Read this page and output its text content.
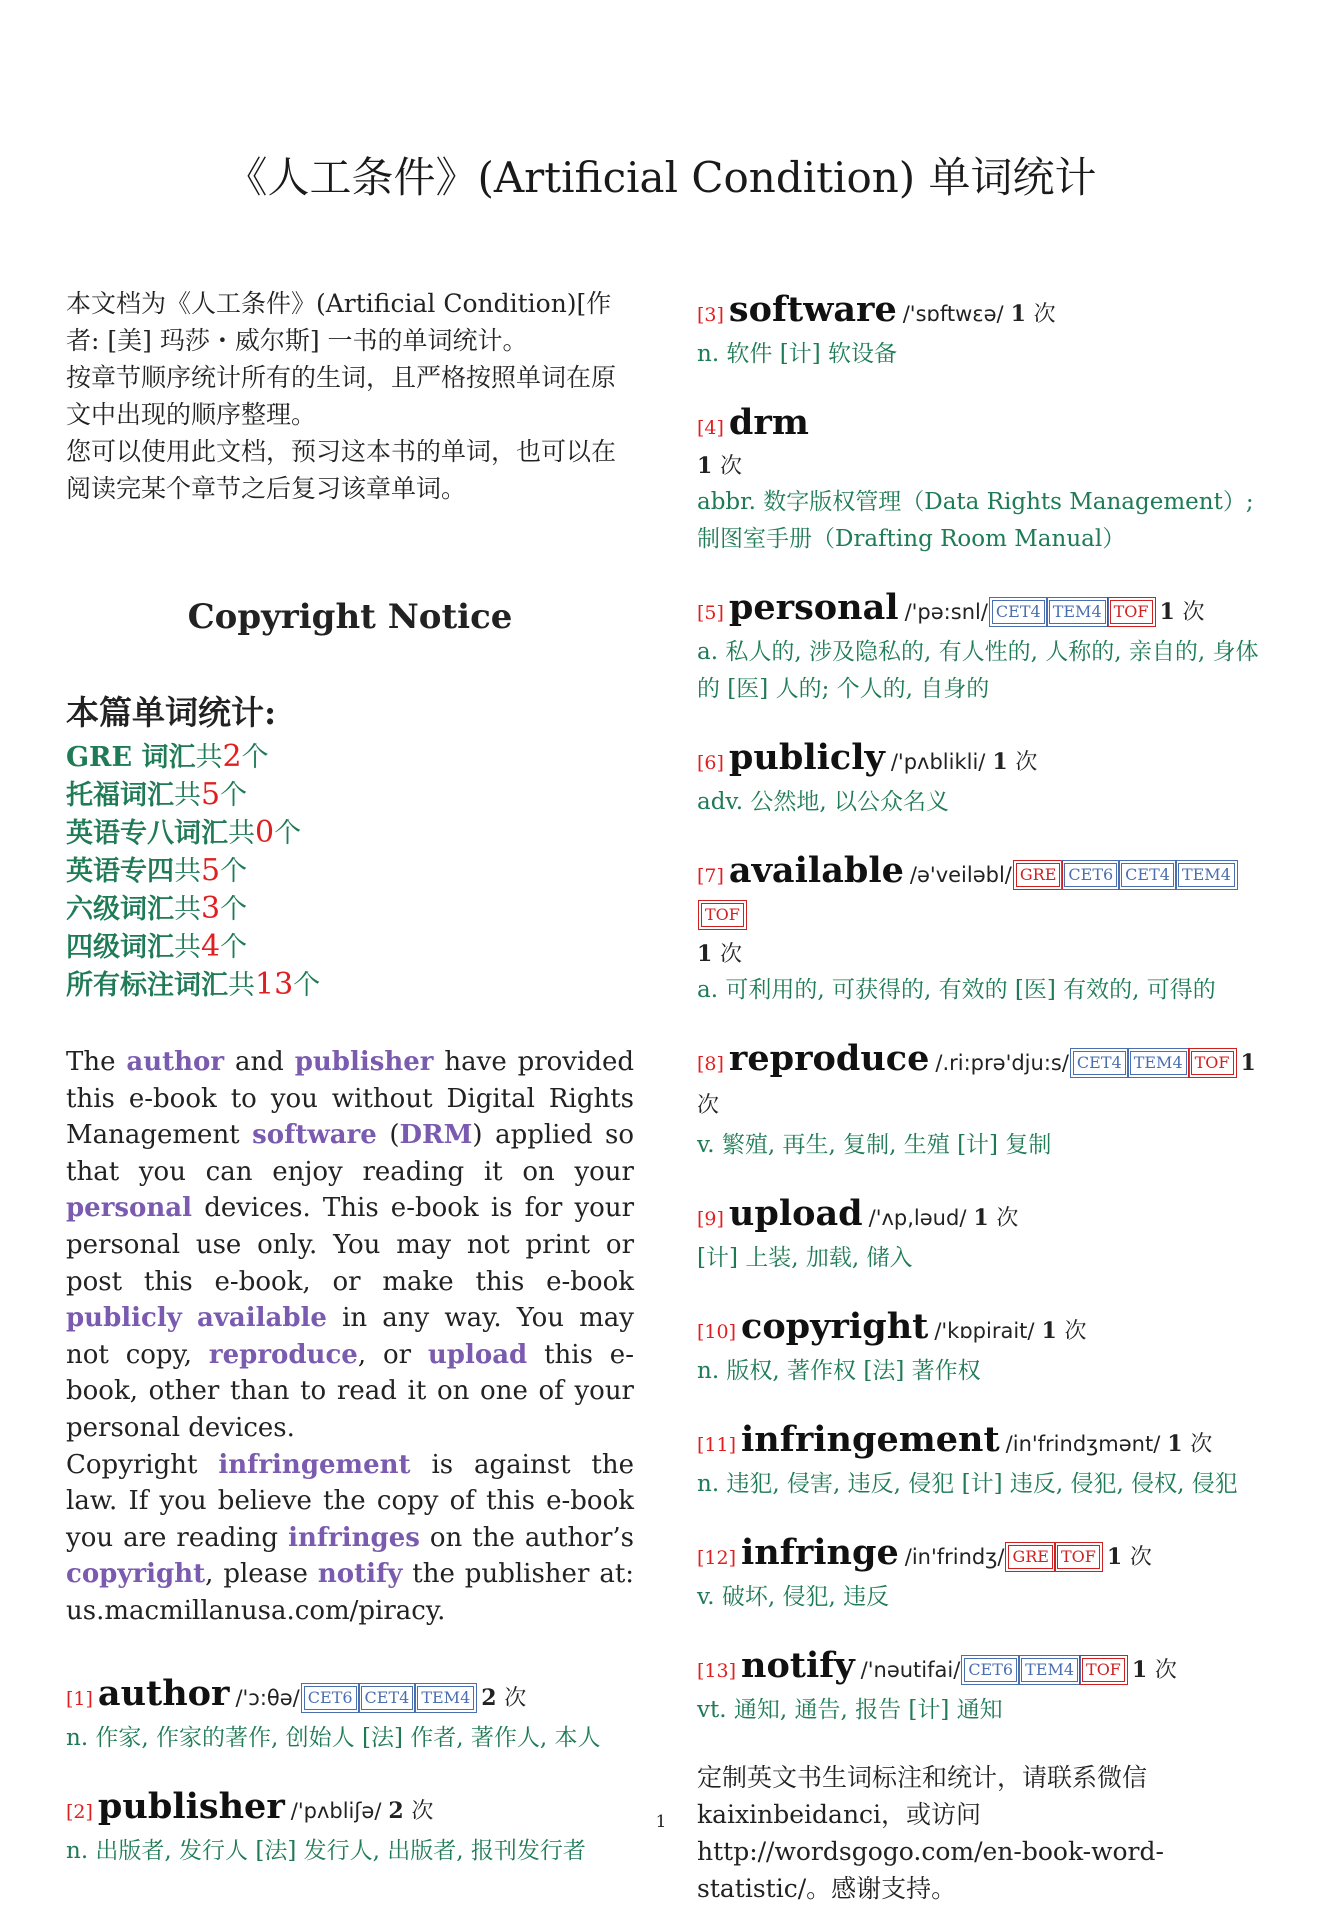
《人工条件》(Artificial Condition) 单词统计

本文档为《人工条件》(Artificial Condition)[作者: [美] 玛莎・威尔斯] 一书的单词统计。

按章节顺序统计所有的生词，且严格按照单词在原文中出现的顺序整理。

您可以使用此文档，预习这本书的单词，也可以在阅读完某个章节之后复习该章单词。

Copyright Notice
本篇单词统计:
GRE 词汇共2个
托福词汇共5个
英语专八词汇共0个
英语专四共5个
六级词汇共3个
四级词汇共4个
所有标注词汇共13个
The author and publisher have provided this e-book to you without Digital Rights Management software (DRM) applied so that you can enjoy reading it on your personal devices. This e-book is for your personal use only. You may not print or post this e-book, or make this e-book publicly available in any way. You may not copy, reproduce, or upload this e-book, other than to read it on one of your personal devices.
Copyright infringement is against the law. If you believe the copy of this e-book you are reading infringes on the author’s copyright, please notify the publisher at: us.macmillanusa.com/piracy.
[1] author /'ɔ:θə/ CET6 CET4 TEM4 2 次
n. 作家, 作家的著作, 创始人 [法] 作者, 著作人, 本人
[2] publisher /'pʌbliʃə/ 2 次
n. 出版者, 发行人 [法] 发行人, 出版者, 报刊发行者
[3] software /'sɒftwεə/ 1 次
n. 软件 [计] 软设备
[4] drm
1 次
abbr. 数字版权管理（Data Rights Management）; 制图室手册（Drafting Room Manual）
[5] personal /'pə:snl/ CET4 TEM4 TOF 1 次
a. 私人的, 涉及隐私的, 有人性的, 人称的, 亲自的, 身体的 [医] 人的; 个人的, 自身的
[6] publicly /'pʌblikli/ 1 次
adv. 公然地, 以公众名义
[7] available /ə'veiləbl/ GRE CET6 CET4 TEM4TOF
1 次
a. 可利用的, 可获得的, 有效的 [医] 有效的, 可得的
[8] reproduce /.ri:prə'dju:s/ CET4 TEM4 TOF 1 次
v. 繁殖, 再生, 复制, 生殖 [计] 复制
[9] upload /'ʌp,ləud/ 1 次
[计] 上装, 加载, 储入
[10] copyright /'kɒpirait/ 1 次
n. 版权, 著作权 [法] 著作权
[11] infringement /in'frindʒmənt/ 1 次
n. 违犯, 侵害, 违反, 侵犯 [计] 违反, 侵犯, 侵权, 侵犯
[12] infringe /in'frindʒ/ GRE TOF 1 次
v. 破坏, 侵犯, 违反
[13] notify /'nəutifai/ CET6 TEM4 TOF 1 次
vt. 通知, 通告, 报告 [计] 通知
定制英文书生词标注和统计，请联系微信 kaixinbeidanci，或访问 http://wordsgogo.com/en-book-word-statistic/。感谢支持。
1
